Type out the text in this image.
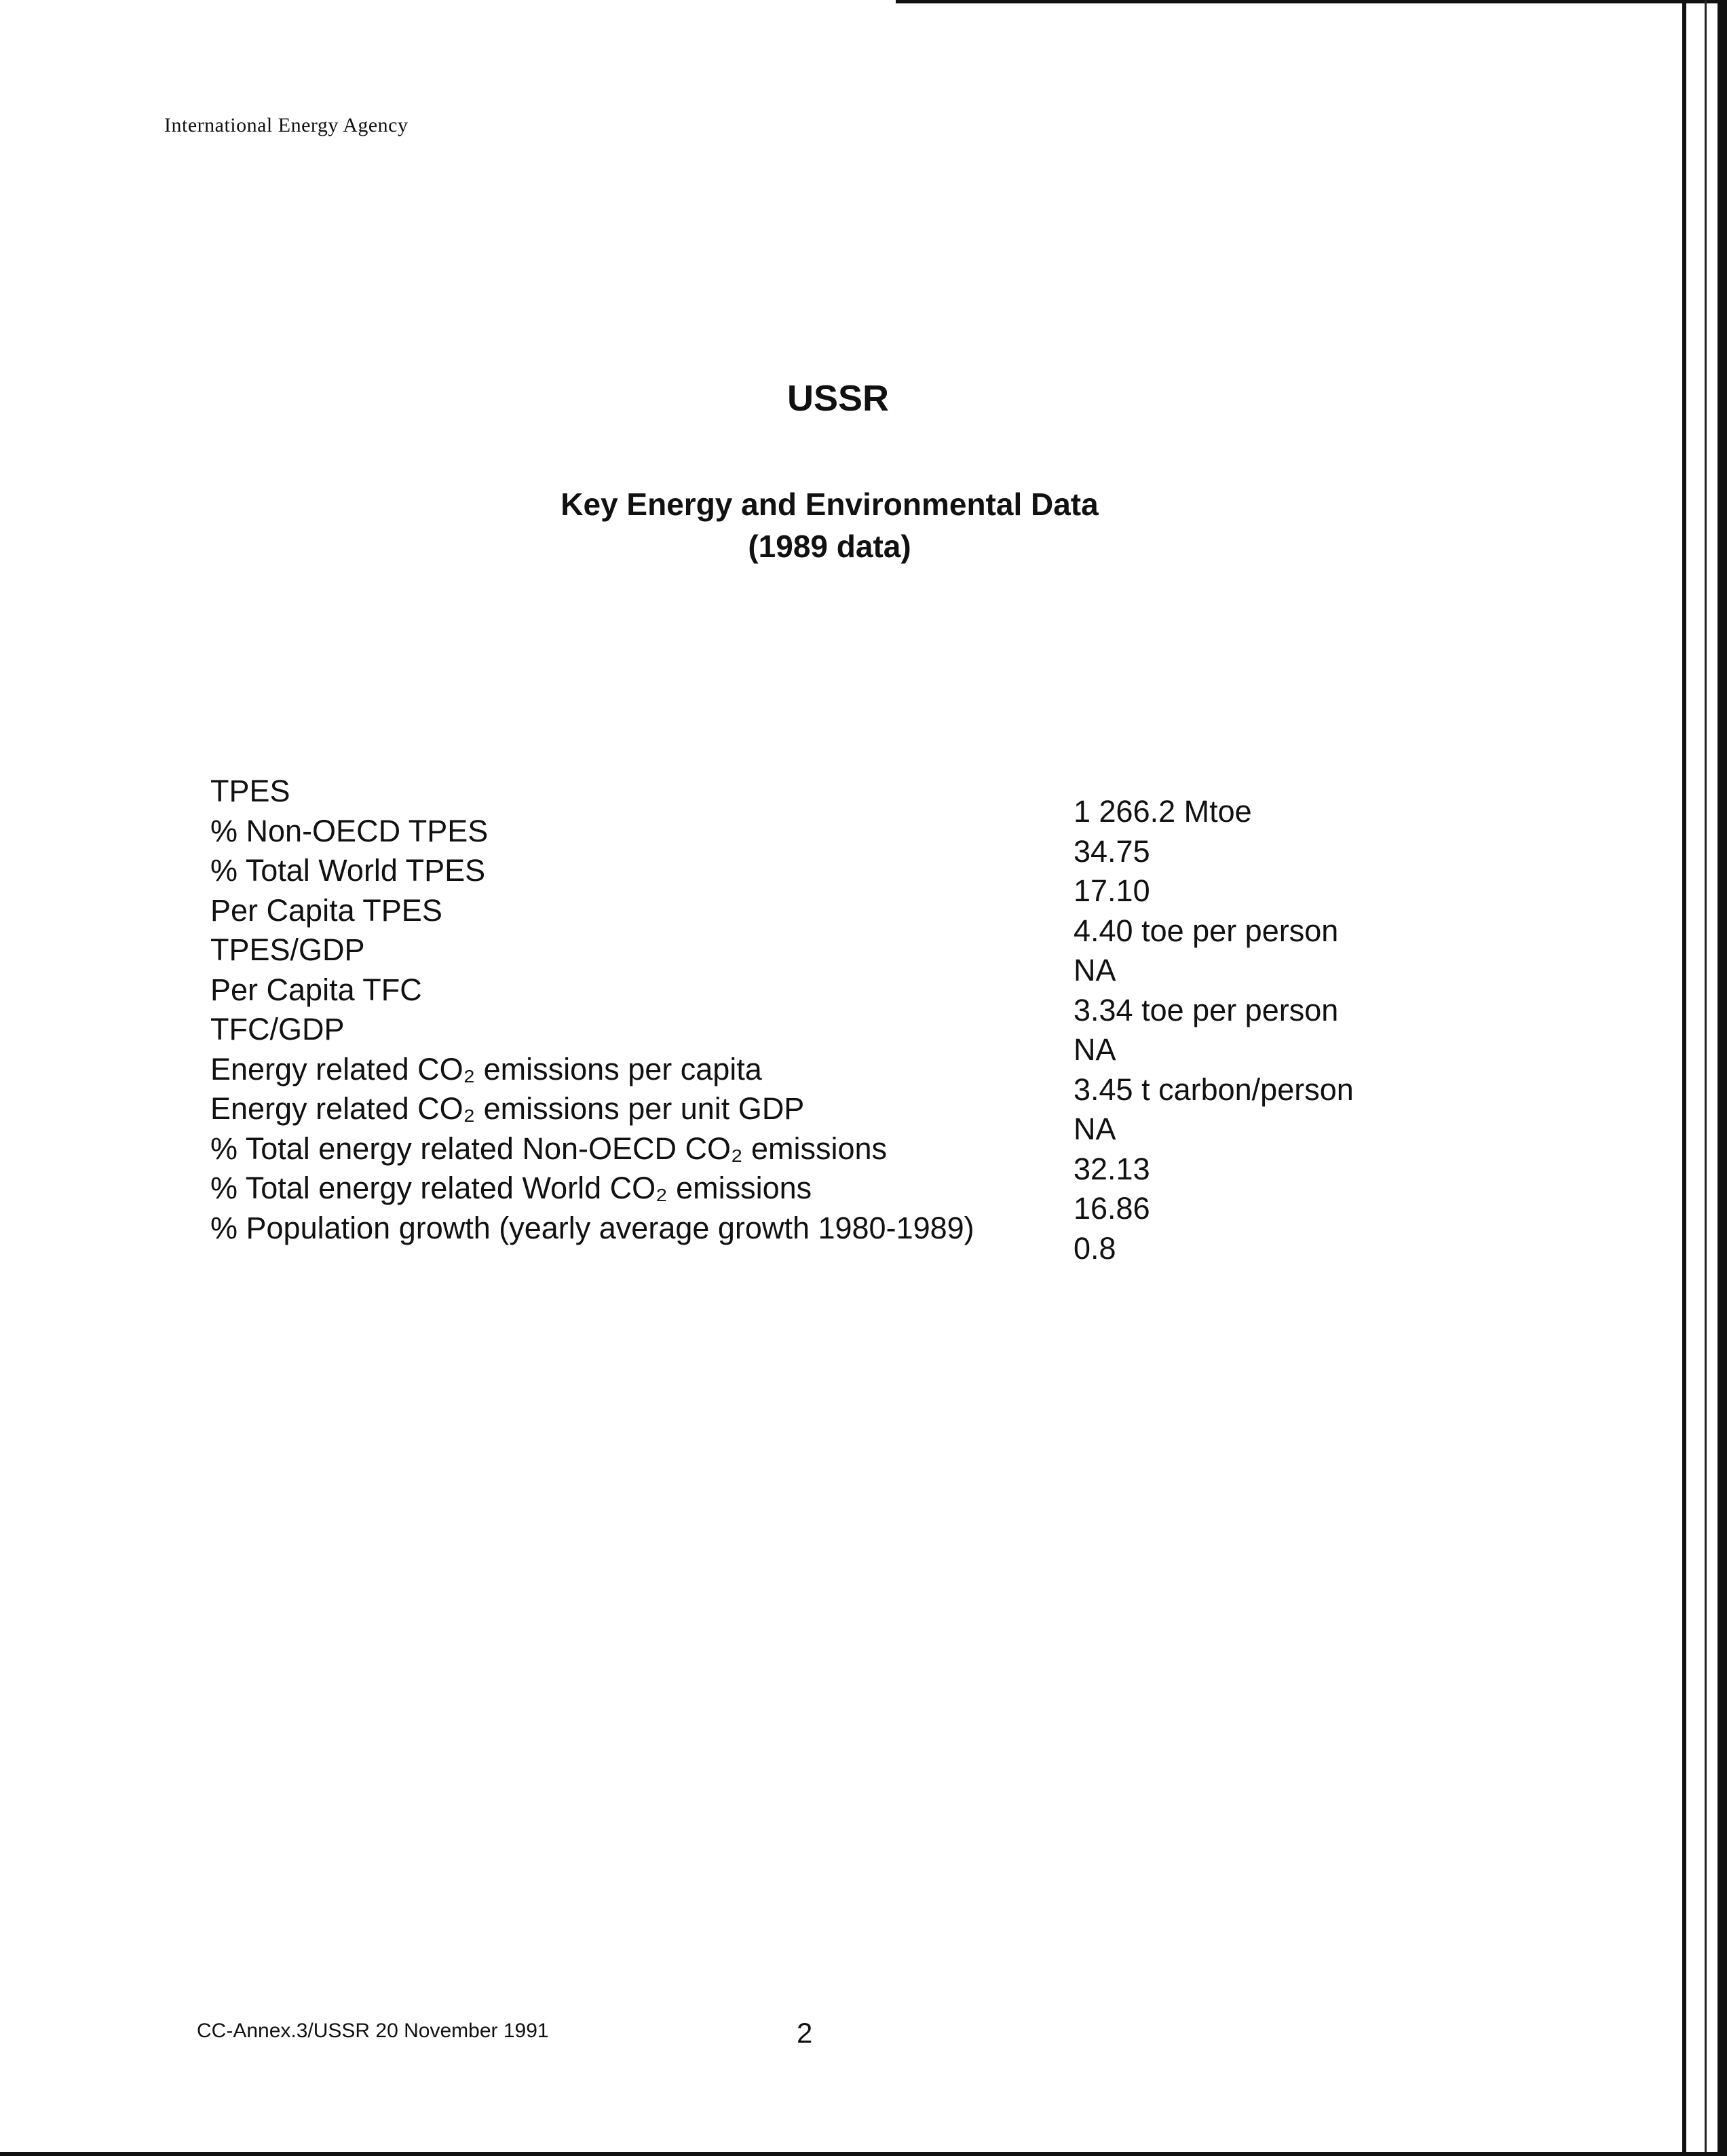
International Energy Agency
USSR
Key Energy and Environmental Data
(1989 data)
TPES
1 266.2 Mtoe
% Non-OECD TPES
34.75
% Total World TPES
17.10
Per Capita TPES
4.40 toe per person
TPES/GDP
NA
Per Capita TFC
3.34 toe per person
TFC/GDP
NA
Energy related CO₂ emissions per capita
3.45 t carbon/person
Energy related CO₂ emissions per unit GDP
NA
% Total energy related Non-OECD CO₂ emissions
32.13
% Total energy related World CO₂ emissions
16.86
% Population growth (yearly average growth 1980-1989)
0.8
CC-Annex.3/USSR 20 November 1991	2
